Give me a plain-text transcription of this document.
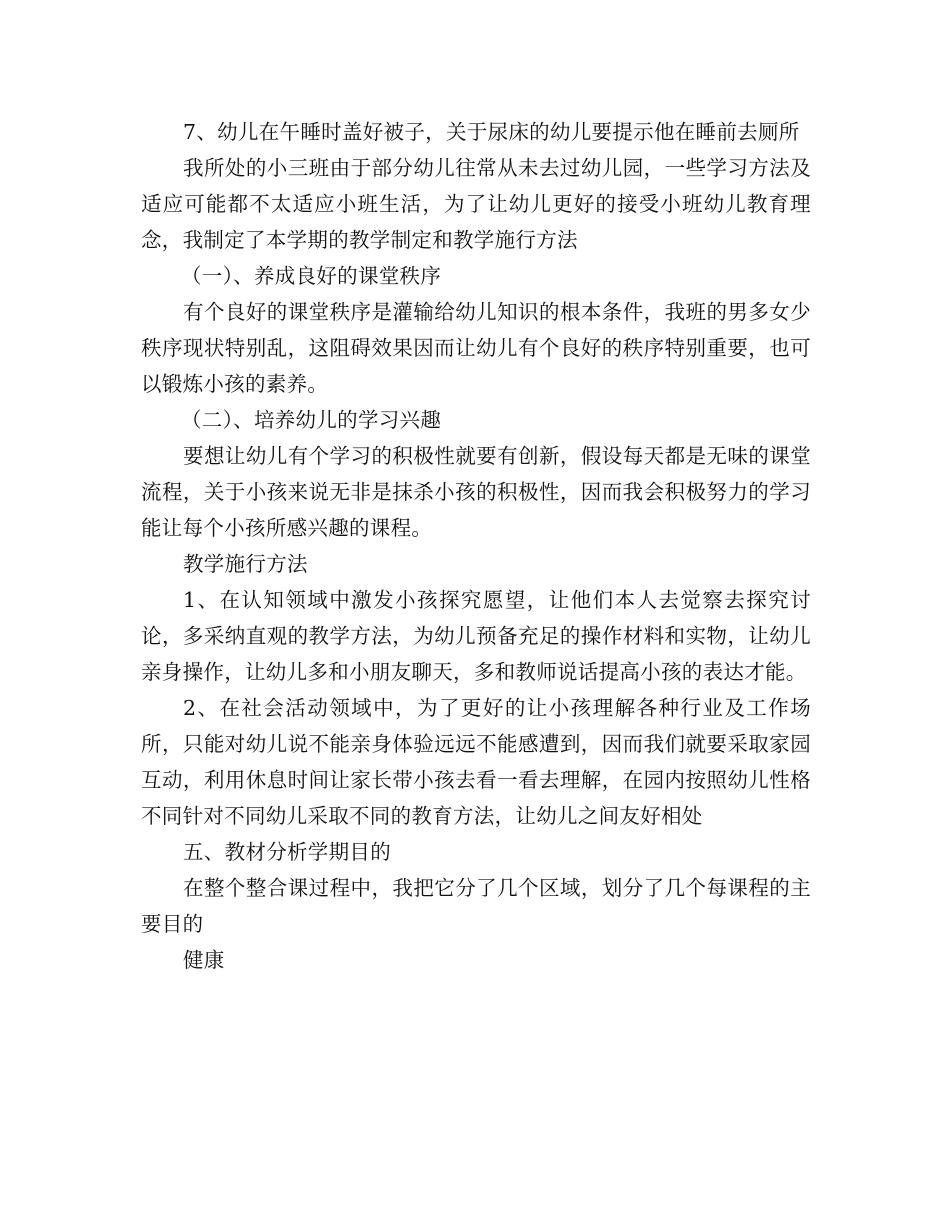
7、幼儿在午睡时盖好被子，关于尿床的幼儿要提示他在睡前去厕所

我所处的小三班由于部分幼儿往常从未去过幼儿园，一些学习方法及适应可能都不太适应小班生活，为了让幼儿更好的接受小班幼儿教育理念，我制定了本学期的教学制定和教学施行方法

（一）、养成良好的课堂秩序

有个良好的课堂秩序是灌输给幼儿知识的根本条件，我班的男多女少秩序现状特别乱，这阻碍效果因而让幼儿有个良好的秩序特别重要，也可以锻炼小孩的素养。

（二）、培养幼儿的学习兴趣

要想让幼儿有个学习的积极性就要有创新，假设每天都是无味的课堂流程，关于小孩来说无非是抹杀小孩的积极性，因而我会积极努力的学习能让每个小孩所感兴趣的课程。

教学施行方法

1、在认知领域中激发小孩探究愿望，让他们本人去觉察去探究讨论，多采纳直观的教学方法，为幼儿预备充足的操作材料和实物，让幼儿亲身操作，让幼儿多和小朋友聊天，多和教师说话提高小孩的表达才能。

2、在社会活动领域中，为了更好的让小孩理解各种行业及工作场所，只能对幼儿说不能亲身体验远远不能感遭到，因而我们就要采取家园互动，利用休息时间让家长带小孩去看一看去理解，在园内按照幼儿性格不同针对不同幼儿采取不同的教育方法，让幼儿之间友好相处

五、教材分析学期目的

在整个整合课过程中，我把它分了几个区域，划分了几个每课程的主要目的

健康
